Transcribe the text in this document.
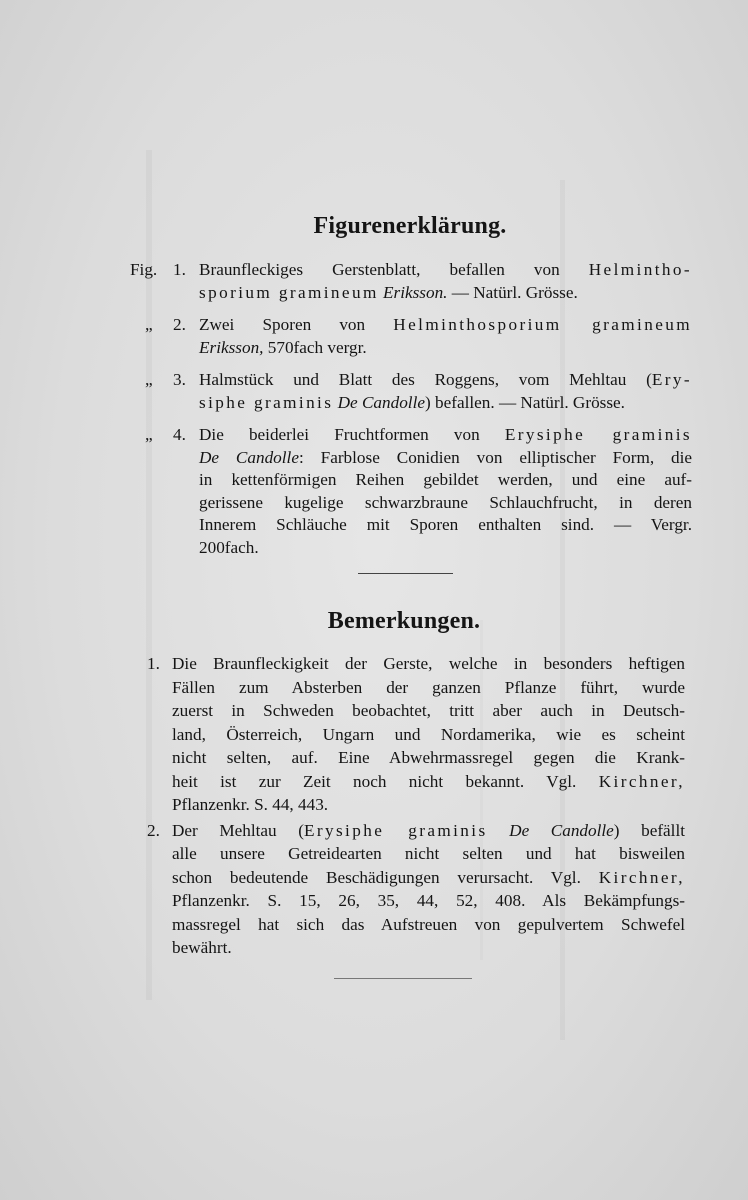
Figurenerklärung.
Fig. 1. Braunfleckiges Gerstenblatt, befallen von Helmintho-
sporium gramineum Eriksson. — Natürl. Grösse.
„	2. Zwei Sporen von Helminthosporium gramineum
Eriksson, 570fach vergr.
„	3. Halmstück und Blatt des Roggens, vom Mehltau (Ery-
siphe graminis De Candolle) befallen. — Natürl. Grösse.
„	4. Die beiderlei Fruchtformen von Erysiphe graminis
De Candolle: Farblose Conidien von elliptischer Form, die
in kettenförmigen Reihen gebildet werden, und eine auf-
gerissene kugelige schwarzbraune Schlauchfrucht, in deren
Innerem Schläuche mit Sporen enthalten sind. — Vergr.
200fach.
Bemerkungen.
1. Die Braunfleckigkeit der Gerste, welche in besonders heftigen
Fällen zum Absterben der ganzen Pflanze führt, wurde
zuerst in Schweden beobachtet, tritt aber auch in Deutsch-
land, Österreich, Ungarn und Nordamerika, wie es scheint
nicht selten, auf. Eine Abwehrmassregel gegen die Krank-
heit ist zur Zeit noch nicht bekannt. Vgl. Kirchner,
Pflanzenkr. S. 44, 443.
2. Der Mehltau (Erysiphe graminis De Candolle) befällt
alle unsere Getreidearten nicht selten und hat bisweilen
schon bedeutende Beschädigungen verursacht. Vgl. Kirchner,
Pflanzenkr. S. 15, 26, 35, 44, 52, 408. Als Bekämpfungs-
massregel hat sich das Aufstreuen von gepulvertem Schwefel
bewährt.
